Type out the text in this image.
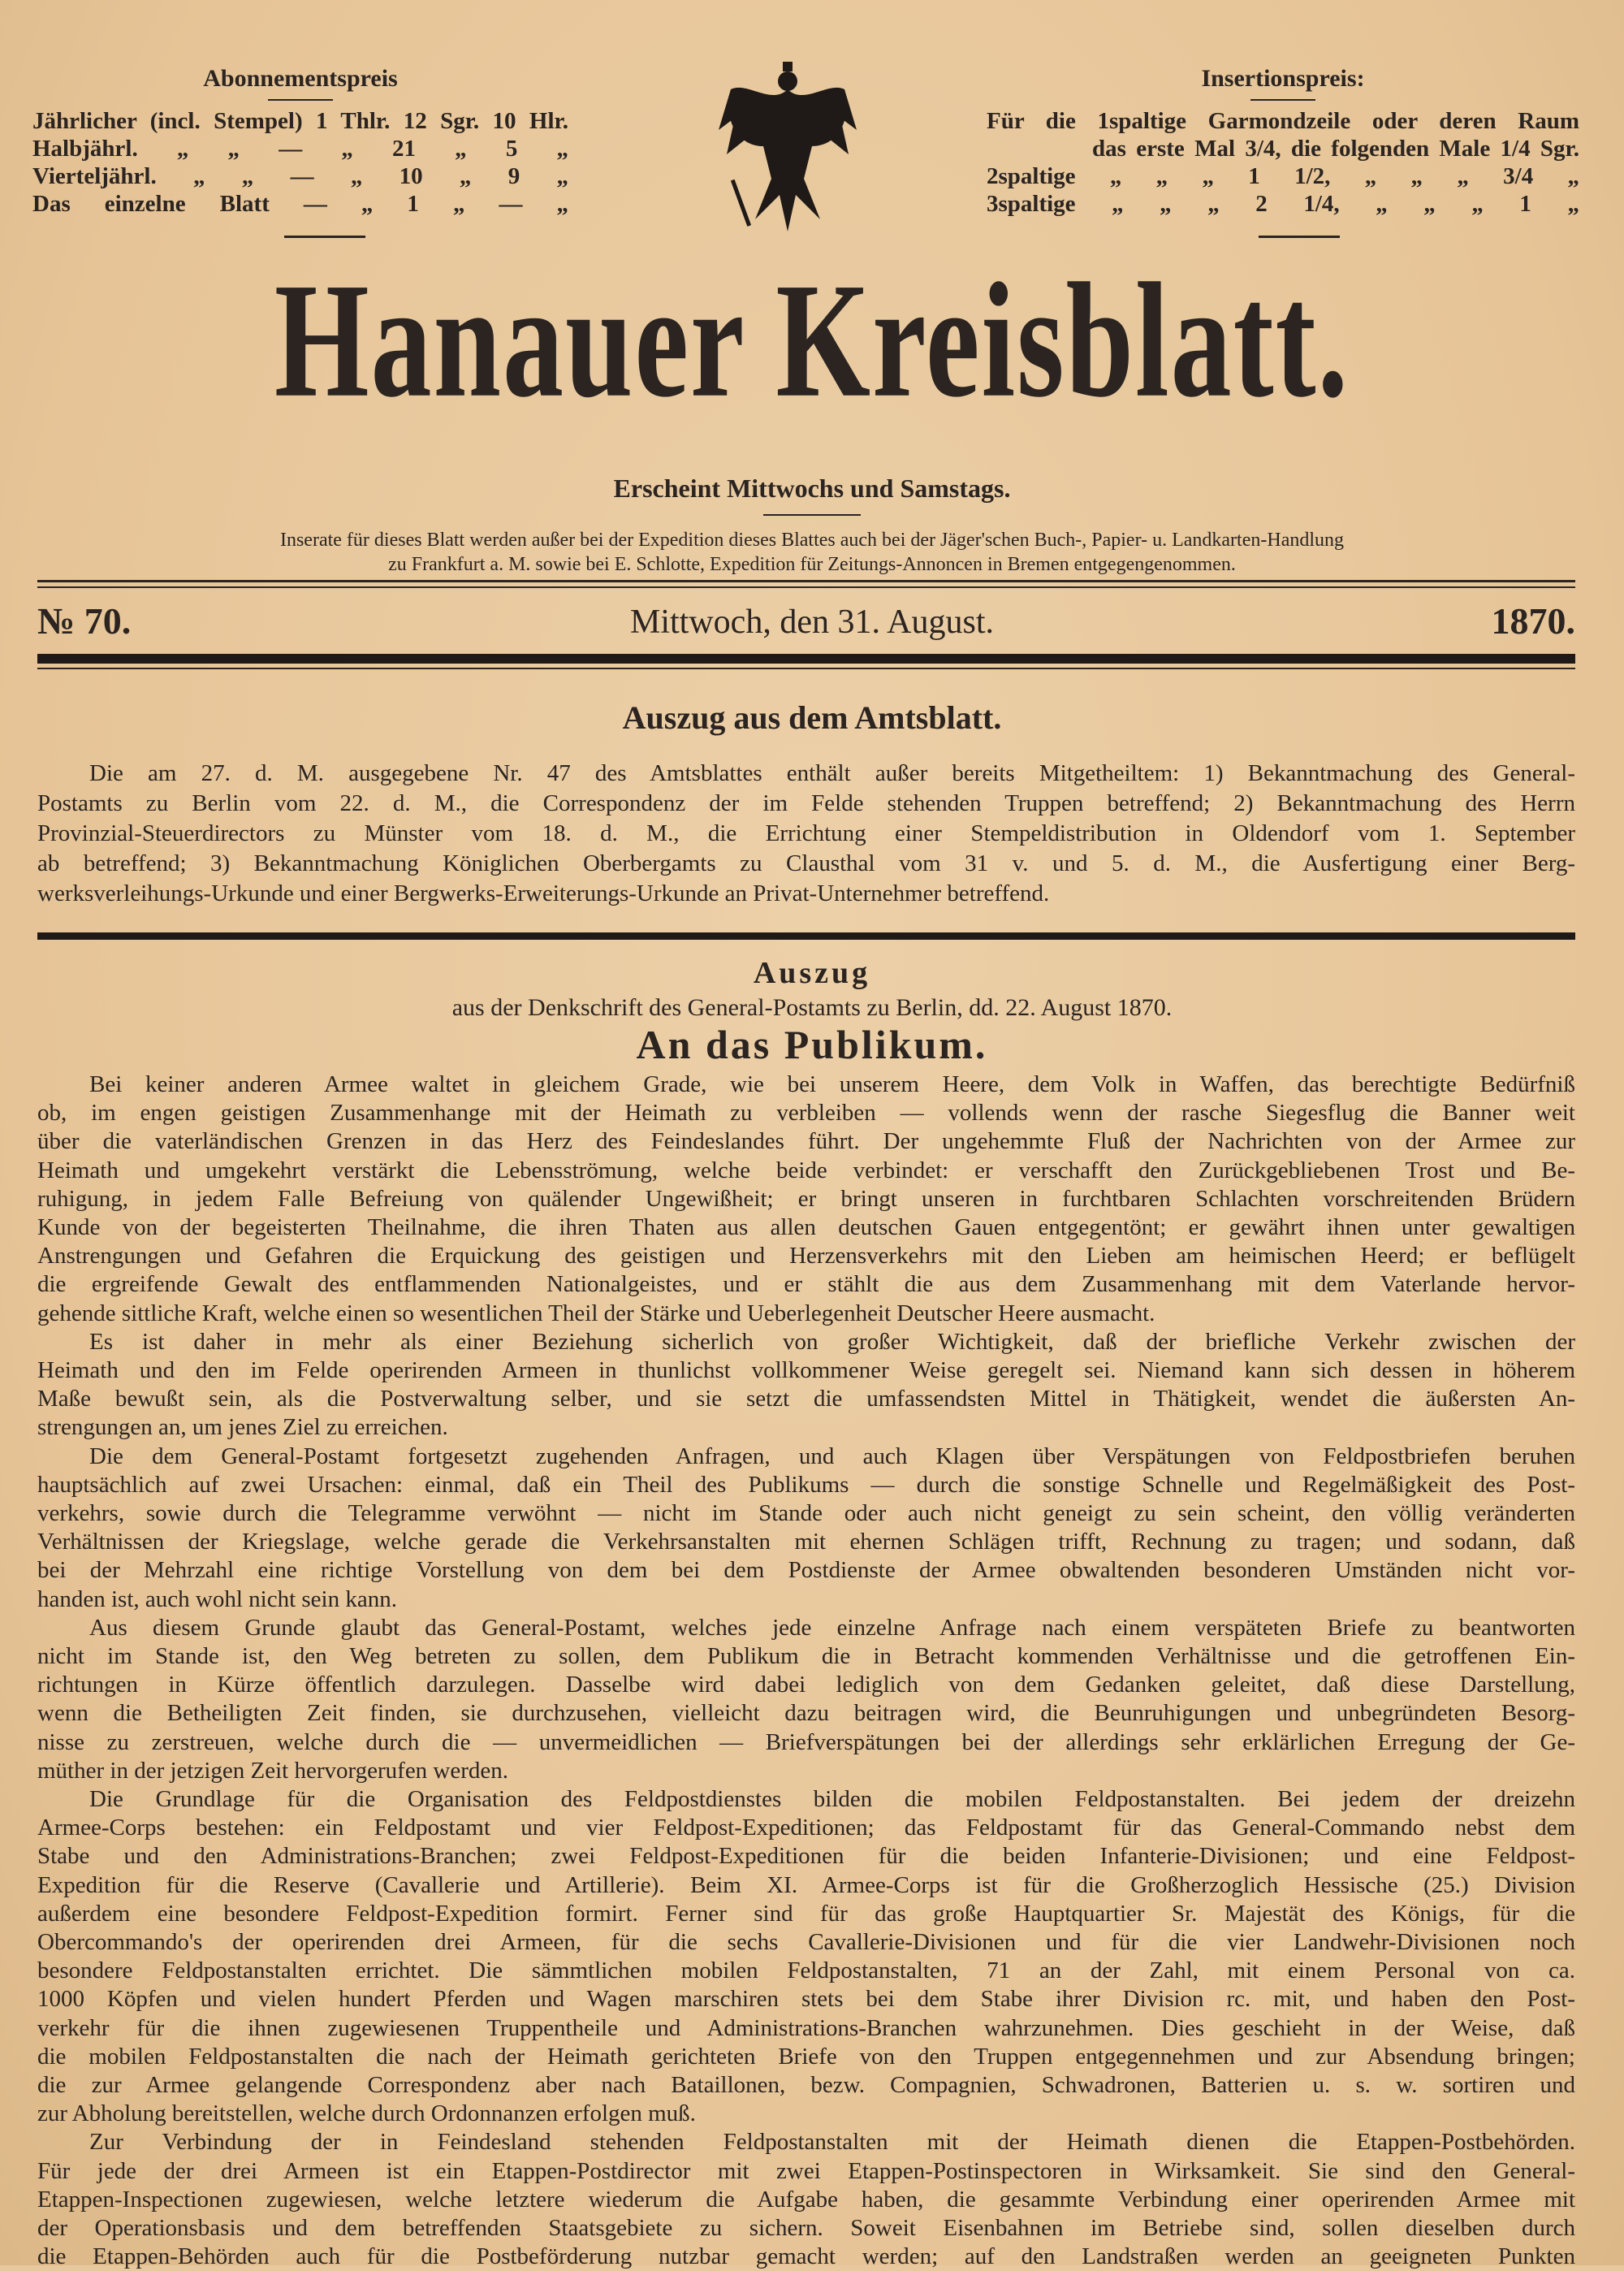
Abonnementspreis
Jährlicher (incl. Stempel) 1 Thlr. 12 Sgr. 10 Hlr.
Halbjährl. „ „ — „ 21 „ 5 „
Vierteljährl. „ „ — „ 10 „ 9 „
Das einzelne Blatt — „ 1 „ — „
Insertionspreis:
Für die 1spaltige Garmondzeile oder deren Raum
das erste Mal 3/4, die folgenden Male 1/4 Sgr.
2spaltige „ „ „ 1 1/2, „ „ „ 3/4 „
3spaltige „ „ „ 2 1/4, „ „ „ 1 „
Hanauer Kreisblatt.
Erscheint Mittwochs und Samstags.
Inserate für dieses Blatt werden außer bei der Expedition dieses Blattes auch bei der Jäger'schen Buch-, Papier- u. Landkarten-Handlung
zu Frankfurt a. M. sowie bei E. Schlotte, Expedition für Zeitungs-Annoncen in Bremen entgegengenommen.
№ 70.	Mittwoch, den 31. August.	1870.
Auszug aus dem Amtsblatt.
Die am 27. d. M. ausgegebene Nr. 47 des Amtsblattes enthält außer bereits Mitgetheiltem: 1) Bekanntmachung des General-
Postamts zu Berlin vom 22. d. M., die Correspondenz der im Felde stehenden Truppen betreffend; 2) Bekanntmachung des Herrn
Provinzial-Steuerdirectors zu Münster vom 18. d. M., die Errichtung einer Stempeldistribution in Oldendorf vom 1. September
ab betreffend; 3) Bekanntmachung Königlichen Oberbergamts zu Clausthal vom 31 v. und 5. d. M., die Ausfertigung einer Berg-
werksverleihungs-Urkunde und einer Bergwerks-Erweiterungs-Urkunde an Privat-Unternehmer betreffend.
Auszug
aus der Denkschrift des General-Postamts zu Berlin, dd. 22. August 1870.
An das Publikum.
Bei keiner anderen Armee waltet in gleichem Grade, wie bei unserem Heere, dem Volk in Waffen, das berechtigte Bedürfniß
ob, im engen geistigen Zusammenhange mit der Heimath zu verbleiben — vollends wenn der rasche Siegesflug die Banner weit
über die vaterländischen Grenzen in das Herz des Feindeslandes führt. Der ungehemmte Fluß der Nachrichten von der Armee zur
Heimath und umgekehrt verstärkt die Lebensströmung, welche beide verbindet: er verschafft den Zurückgebliebenen Trost und Be-
ruhigung, in jedem Falle Befreiung von quälender Ungewißheit; er bringt unseren in furchtbaren Schlachten vorschreitenden Brüdern
Kunde von der begeisterten Theilnahme, die ihren Thaten aus allen deutschen Gauen entgegentönt; er gewährt ihnen unter gewaltigen
Anstrengungen und Gefahren die Erquickung des geistigen und Herzensverkehrs mit den Lieben am heimischen Heerd; er beflügelt
die ergreifende Gewalt des entflammenden Nationalgeistes, und er stählt die aus dem Zusammenhang mit dem Vaterlande hervor-
gehende sittliche Kraft, welche einen so wesentlichen Theil der Stärke und Ueberlegenheit Deutscher Heere ausmacht.
Es ist daher in mehr als einer Beziehung sicherlich von großer Wichtigkeit, daß der briefliche Verkehr zwischen der
Heimath und den im Felde operirenden Armeen in thunlichst vollkommener Weise geregelt sei. Niemand kann sich dessen in höherem
Maße bewußt sein, als die Postverwaltung selber, und sie setzt die umfassendsten Mittel in Thätigkeit, wendet die äußersten An-
strengungen an, um jenes Ziel zu erreichen.
Die dem General-Postamt fortgesetzt zugehenden Anfragen, und auch Klagen über Verspätungen von Feldpostbriefen beruhen
hauptsächlich auf zwei Ursachen: einmal, daß ein Theil des Publikums — durch die sonstige Schnelle und Regelmäßigkeit des Post-
verkehrs, sowie durch die Telegramme verwöhnt — nicht im Stande oder auch nicht geneigt zu sein scheint, den völlig veränderten
Verhältnissen der Kriegslage, welche gerade die Verkehrsanstalten mit ehernen Schlägen trifft, Rechnung zu tragen; und sodann, daß
bei der Mehrzahl eine richtige Vorstellung von dem bei dem Postdienste der Armee obwaltenden besonderen Umständen nicht vor-
handen ist, auch wohl nicht sein kann.
Aus diesem Grunde glaubt das General-Postamt, welches jede einzelne Anfrage nach einem verspäteten Briefe zu beantworten
nicht im Stande ist, den Weg betreten zu sollen, dem Publikum die in Betracht kommenden Verhältnisse und die getroffenen Ein-
richtungen in Kürze öffentlich darzulegen. Dasselbe wird dabei lediglich von dem Gedanken geleitet, daß diese Darstellung,
wenn die Betheiligten Zeit finden, sie durchzusehen, vielleicht dazu beitragen wird, die Beunruhigungen und unbegründeten Besorg-
nisse zu zerstreuen, welche durch die — unvermeidlichen — Briefverspätungen bei der allerdings sehr erklärlichen Erregung der Ge-
müther in der jetzigen Zeit hervorgerufen werden.
Die Grundlage für die Organisation des Feldpostdienstes bilden die mobilen Feldpostanstalten. Bei jedem der dreizehn
Armee-Corps bestehen: ein Feldpostamt und vier Feldpost-Expeditionen; das Feldpostamt für das General-Commando nebst dem
Stabe und den Administrations-Branchen; zwei Feldpost-Expeditionen für die beiden Infanterie-Divisionen; und eine Feldpost-
Expedition für die Reserve (Cavallerie und Artillerie). Beim XI. Armee-Corps ist für die Großherzoglich Hessische (25.) Division
außerdem eine besondere Feldpost-Expedition formirt. Ferner sind für das große Hauptquartier Sr. Majestät des Königs, für die
Obercommando's der operirenden drei Armeen, für die sechs Cavallerie-Divisionen und für die vier Landwehr-Divisionen noch
besondere Feldpostanstalten errichtet. Die sämmtlichen mobilen Feldpostanstalten, 71 an der Zahl, mit einem Personal von ca.
1000 Köpfen und vielen hundert Pferden und Wagen marschiren stets bei dem Stabe ihrer Division rc. mit, und haben den Post-
verkehr für die ihnen zugewiesenen Truppentheile und Administrations-Branchen wahrzunehmen. Dies geschieht in der Weise, daß
die mobilen Feldpostanstalten die nach der Heimath gerichteten Briefe von den Truppen entgegennehmen und zur Absendung bringen;
die zur Armee gelangende Correspondenz aber nach Bataillonen, bezw. Compagnien, Schwadronen, Batterien u. s. w. sortiren und
zur Abholung bereitstellen, welche durch Ordonnanzen erfolgen muß.
Zur Verbindung der in Feindesland stehenden Feldpostanstalten mit der Heimath dienen die Etappen-Postbehörden.
Für jede der drei Armeen ist ein Etappen-Postdirector mit zwei Etappen-Postinspectoren in Wirksamkeit. Sie sind den General-
Etappen-Inspectionen zugewiesen, welche letztere wiederum die Aufgabe haben, die gesammte Verbindung einer operirenden Armee mit
der Operationsbasis und dem betreffenden Staatsgebiete zu sichern. Soweit Eisenbahnen im Betriebe sind, sollen dieselben durch
die Etappen-Behörden auch für die Postbeförderung nutzbar gemacht werden; auf den Landstraßen werden an geeigneten Punkten
